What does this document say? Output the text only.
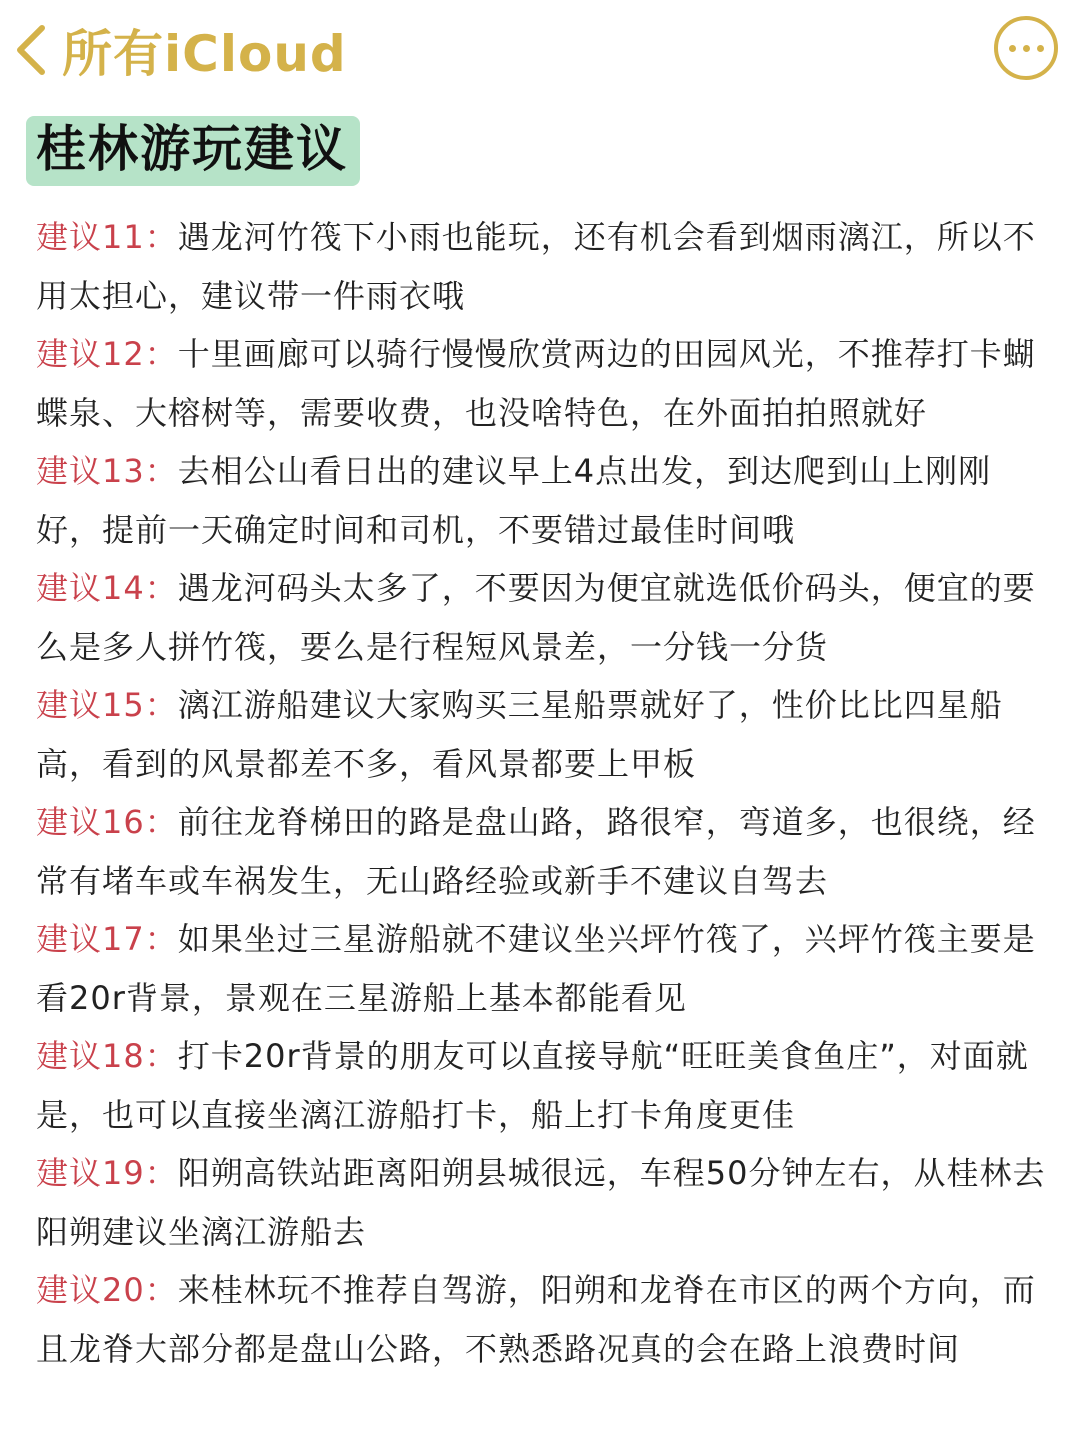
所有iCloud
桂林游玩建议
建议11：遇龙河竹筏下小雨也能玩，还有机会看到烟雨漓江，所以不用太担心，建议带一件雨衣哦
建议12：十里画廊可以骑行慢慢欣赏两边的田园风光，不推荐打卡蝴蝶泉、大榕树等，需要收费，也没啥特色，在外面拍拍照就好
建议13：去相公山看日出的建议早上4点出发，到达爬到山上刚刚好，提前一天确定时间和司机，不要错过最佳时间哦
建议14：遇龙河码头太多了，不要因为便宜就选低价码头，便宜的要么是多人拼竹筏，要么是行程短风景差，一分钱一分货
建议15：漓江游船建议大家购买三星船票就好了，性价比比四星船高，看到的风景都差不多，看风景都要上甲板
建议16：前往龙脊梯田的路是盘山路，路很窄，弯道多，也很绕，经常有堵车或车祸发生，无山路经验或新手不建议自驾去
建议17：如果坐过三星游船就不建议坐兴坪竹筏了，兴坪竹筏主要是看20r背景，景观在三星游船上基本都能看见
建议18：打卡20r背景的朋友可以直接导航“旺旺美食鱼庄”，对面就是，也可以直接坐漓江游船打卡，船上打卡角度更佳
建议19：阳朔高铁站距离阳朔县城很远，车程50分钟左右，从桂林去阳朔建议坐漓江游船去
建议20：来桂林玩不推荐自驾游，阳朔和龙脊在市区的两个方向，而且龙脊大部分都是盘山公路，不熟悉路况真的会在路上浪费时间
